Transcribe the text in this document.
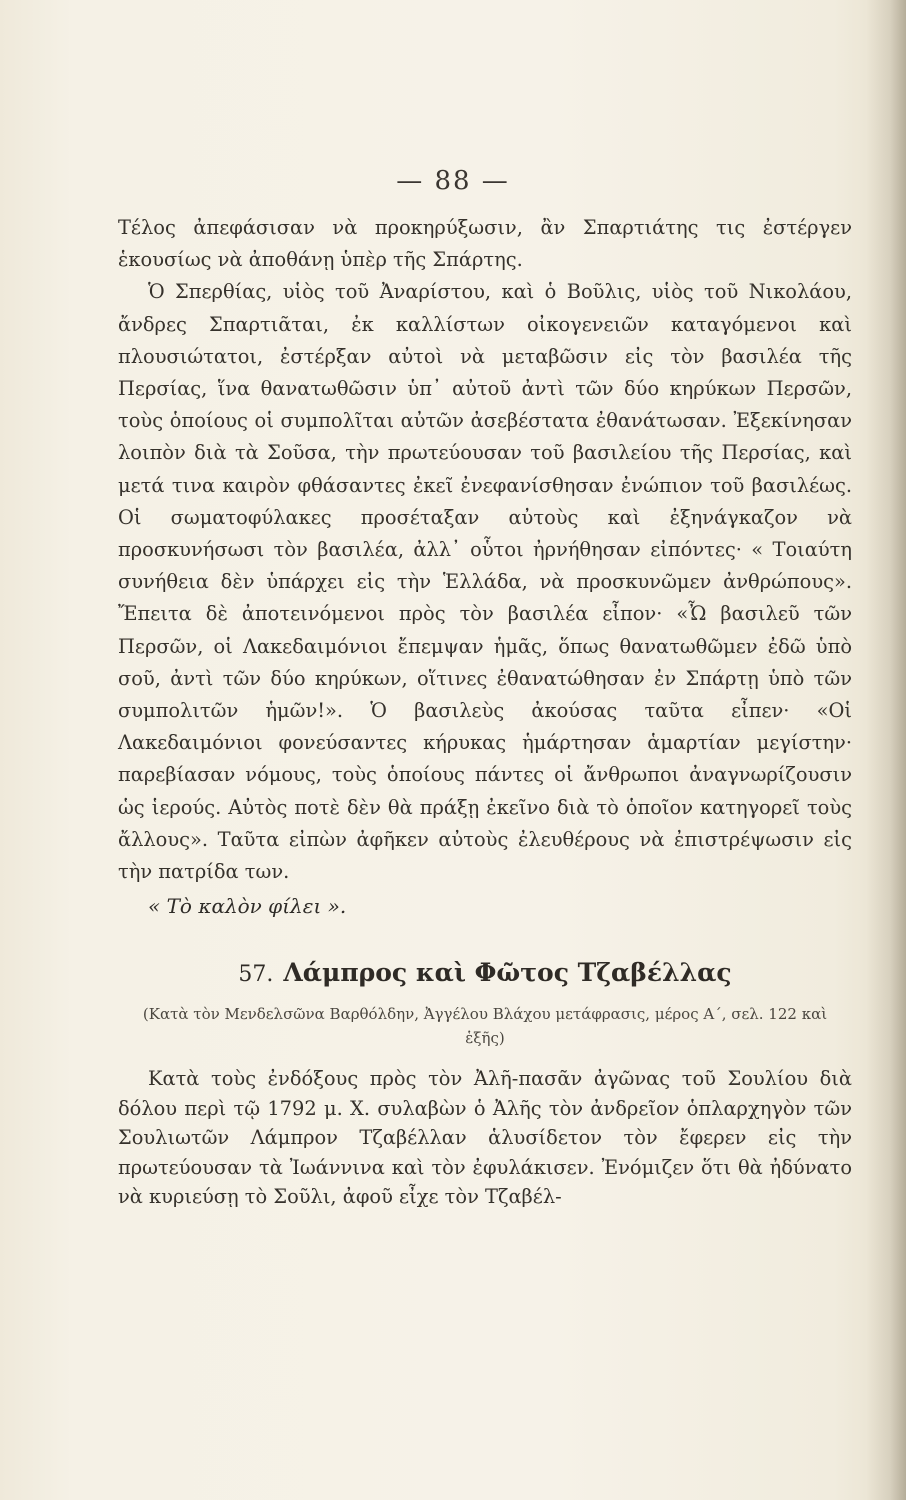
— 88 —

Τέλος ἀπεφάσισαν νὰ προκηρύξωσιν, ἂν Σπαρτιάτης τις ἐστέργεν ἑκουσίως νὰ ἀποθάνῃ ὑπὲρ τῆς Σπάρτης.

Ὁ Σπερθίας, υἱὸς τοῦ Ἀναρίστου, καὶ ὁ Βοῦλις, υἱὸς τοῦ Νικολάου, ἄνδρες Σπαρτιᾶται, ἐκ καλλίστων οἰκογενειῶν καταγόμενοι καὶ πλουσιώτατοι, ἐστέρξαν αὐτοὶ νὰ μεταβῶσιν εἰς τὸν βασιλέα τῆς Περσίας, ἵνα θανατωθῶσιν ὑπ᾽ αὐτοῦ ἀντὶ τῶν δύο κηρύκων Περσῶν, τοὺς ὁποίους οἱ συμπολῖται αὐτῶν ἀσεβέστατα ἐθανάτωσαν. Ἐξεκίνησαν λοιπὸν διὰ τὰ Σοῦσα, τὴν πρωτεύουσαν τοῦ βασιλείου τῆς Περσίας, καὶ μετά τινα καιρὸν φθάσαντες ἐκεῖ ἐνεφανίσθησαν ἐνώπιον τοῦ βασιλέως. Οἱ σωματοφύλακες προσέταξαν αὐτοὺς καὶ ἐξηνάγκαζον νὰ προσκυνήσωσι τὸν βασιλέα, ἀλλ᾽ οὗτοι ἠρνήθησαν εἰπόντες· « Τοιαύτη συνήθεια δὲν ὑπάρχει εἰς τὴν Ἑλλάδα, νὰ προσκυνῶμεν ἀνθρώπους». Ἔπειτα δὲ ἀποτεινόμενοι πρὸς τὸν βασιλέα εἶπον· «Ὦ βασιλεῦ τῶν Περσῶν, οἱ Λακεδαιμόνιοι ἔπεμψαν ἡμᾶς, ὅπως θανατωθῶμεν ἐδῶ ὑπὸ σοῦ, ἀντὶ τῶν δύο κηρύκων, οἵτινες ἐθανατώθησαν ἐν Σπάρτῃ ὑπὸ τῶν συμπολιτῶν ἡμῶν!». Ὁ βασιλεὺς ἀκούσας ταῦτα εἶπεν· «Οἱ Λακεδαιμόνιοι φονεύσαντες κήρυκας ἡμάρτησαν ἁμαρτίαν μεγίστην· παρεβίασαν νόμους, τοὺς ὁποίους πάντες οἱ ἄνθρωποι ἀναγνωρίζουσιν ὡς ἱερούς. Αὐτὸς ποτὲ δὲν θὰ πράξῃ ἐκεῖνο διὰ τὸ ὁποῖον κατηγορεῖ τοὺς ἄλλους». Ταῦτα εἰπὼν ἀφῆκεν αὐτοὺς ἐλευθέρους νὰ ἐπιστρέψωσιν εἰς τὴν πατρίδα των.

« Τὸ καλὸν φίλει ».

57. Λάμπρος καὶ Φῶτος Τζαβέλλας
(Κατὰ τὸν Μενδελσῶνα Βαρθόλδην, Ἀγγέλου Βλάχου μετάφρασις, μέρος Α΄, σελ. 122 καὶ ἑξῆς)

Κατὰ τοὺς ἐνδόξους πρὸς τὸν Ἀλῆ-πασᾶν ἀγῶνας τοῦ Σουλίου διὰ δόλου περὶ τῷ 1792 μ. Χ. συλαβὼν ὁ Ἀλῆς τὸν ἀνδρεῖον ὁπλαρχηγὸν τῶν Σουλιωτῶν Λάμπρον Τζαβέλλαν ἁλυσίδετον τὸν ἔφερεν εἰς τὴν πρωτεύουσαν τὰ Ἰωάννινα καὶ τὸν ἐφυλάκισεν. Ἐνόμιζεν ὅτι θὰ ἠδύνατο νὰ κυριεύσῃ τὸ Σοῦλι, ἀφοῦ εἶχε τὸν Τζαβέλ-
